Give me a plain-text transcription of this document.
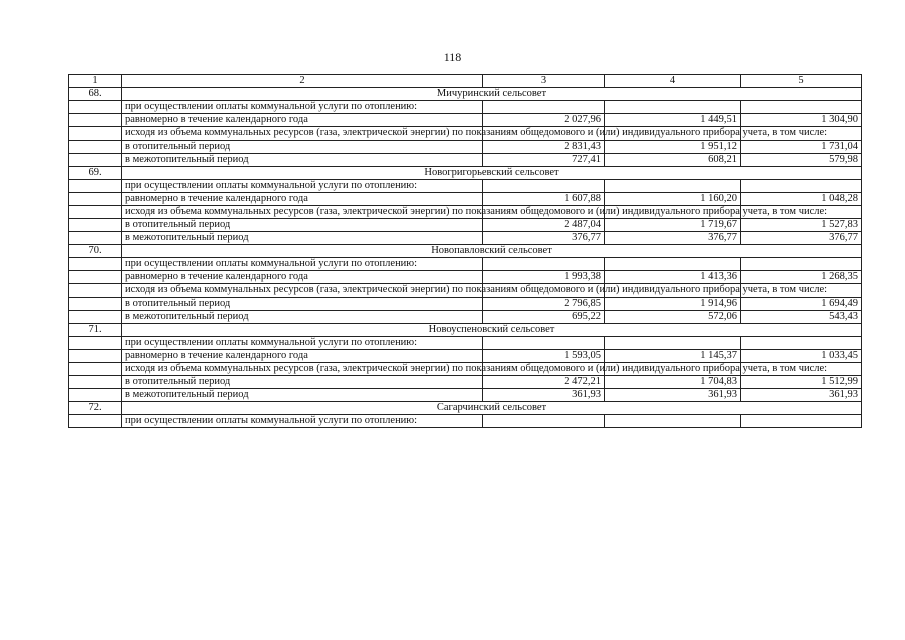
118
1	2	3	4	5
68.	Мичуринский сельсовет			
	при осуществлении оплаты коммунальной услуги по отоплению:			
	равномерно в течение календарного года	2 027,96	1 449,51	1 304,90
	исходя из объема коммунальных ресурсов (газа, электрической энергии) по показаниям общедомового и (или) индивидуального прибора учета, в том числе:			
	в отопительный период	2 831,43	1 951,12	1 731,04
	в межотопительный период	727,41	608,21	579,98
69.	Новогригорьевский сельсовет			
	при осуществлении оплаты коммунальной услуги по отоплению:			
	равномерно в течение календарного года	1 607,88	1 160,20	1 048,28
	исходя из объема коммунальных ресурсов (газа, электрической энергии) по показаниям общедомового и (или) индивидуального прибора учета, в том числе:			
	в отопительный период	2 487,04	1 719,67	1 527,83
	в межотопительный период	376,77	376,77	376,77
70.	Новопавловский сельсовет			
	при осуществлении оплаты коммунальной услуги по отоплению:			
	равномерно в течение календарного года	1 993,38	1 413,36	1 268,35
	исходя из объема коммунальных ресурсов (газа, электрической энергии) по показаниям общедомового и (или) индивидуального прибора учета, в том числе:			
	в отопительный период	2 796,85	1 914,96	1 694,49
	в межотопительный период	695,22	572,06	543,43
71.	Новоуспеновский сельсовет			
	при осуществлении оплаты коммунальной услуги по отоплению:			
	равномерно в течение календарного года	1 593,05	1 145,37	1 033,45
	исходя из объема коммунальных ресурсов (газа, электрической энергии) по показаниям общедомового и (или) индивидуального прибора учета, в том числе:			
	в отопительный период	2 472,21	1 704,83	1 512,99
	в межотопительный период	361,93	361,93	361,93
72.	Сагарчинский сельсовет			
	при осуществлении оплаты коммунальной услуги по отоплению:			
